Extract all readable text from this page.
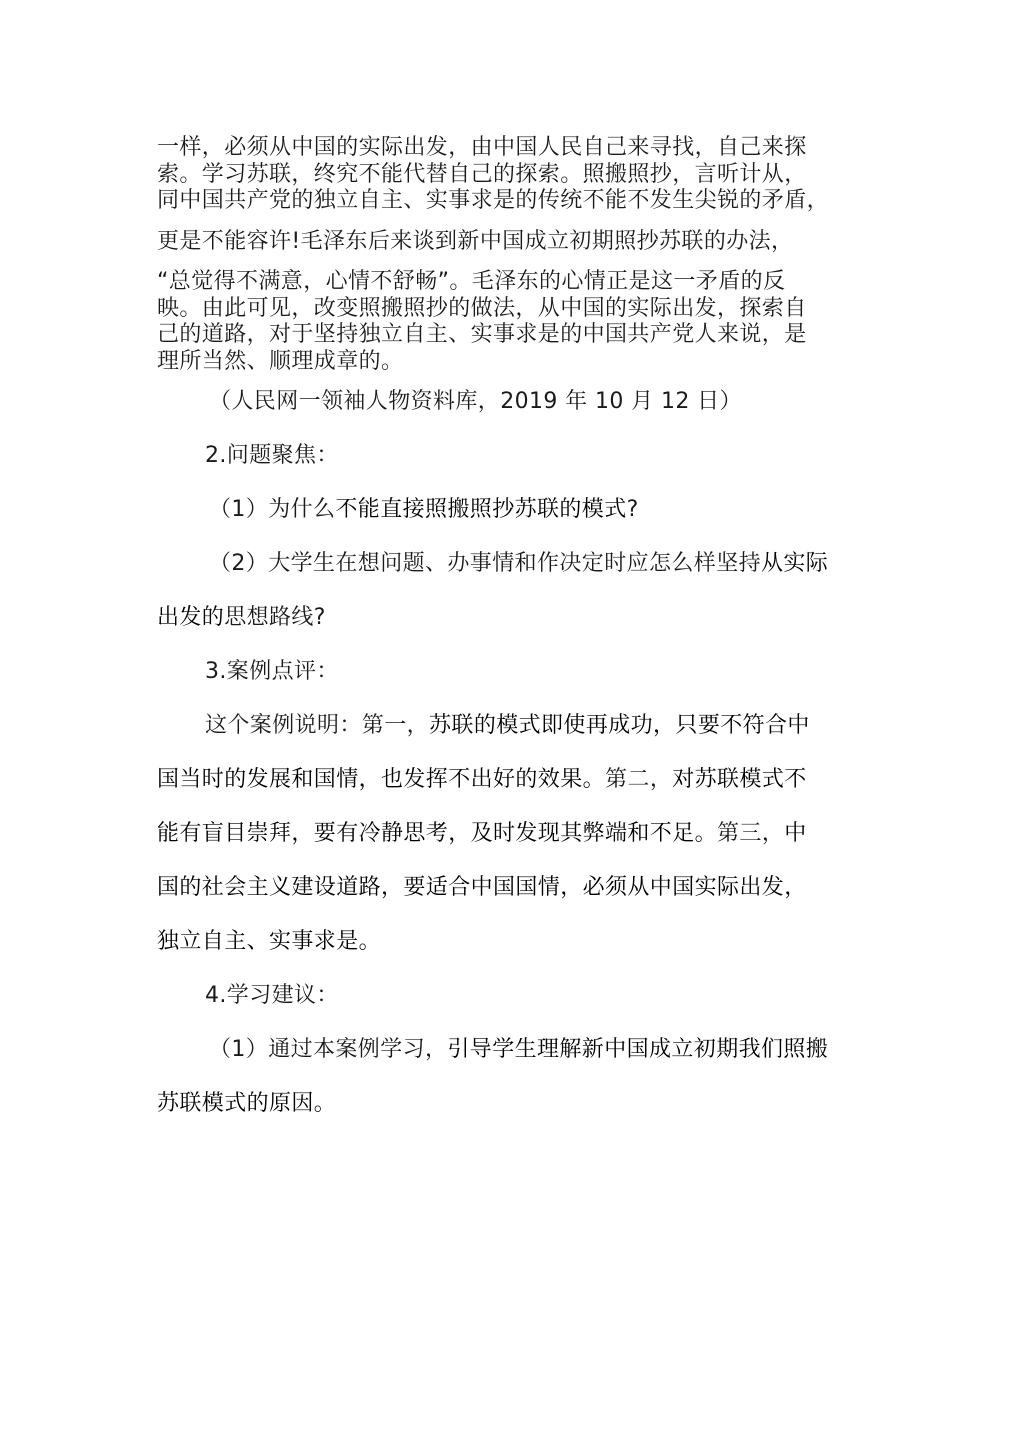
一样，必须从中国的实际出发，由中国人民自己来寻找，自己来探

索。学习苏联，终究不能代替自己的探索。照搬照抄，言听计从，

同中国共产党的独立自主、实事求是的传统不能不发生尖锐的矛盾，

更是不能容许!毛泽东后来谈到新中国成立初期照抄苏联的办法，

“总觉得不满意，心情不舒畅”。毛泽东的心情正是这一矛盾的反

映。由此可见，改变照搬照抄的做法，从中国的实际出发，探索自

己的道路，对于坚持独立自主、实事求是的中国共产党人来说，是

理所当然、顺理成章的。

（人民网一领袖人物资料库，2019 年 10 月 12 日）

2.问题聚焦：

（1）为什么不能直接照搬照抄苏联的模式?

（2）大学生在想问题、办事情和作决定时应怎么样坚持从实际

出发的思想路线?

3.案例点评：

这个案例说明：第一，苏联的模式即使再成功，只要不符合中

国当时的发展和国情，也发挥不出好的效果。第二，对苏联模式不

能有盲目崇拜，要有冷静思考，及时发现其弊端和不足。第三，中

国的社会主义建设道路，要适合中国国情，必须从中国实际出发，

独立自主、实事求是。

4.学习建议：

（1）通过本案例学习，引导学生理解新中国成立初期我们照搬

苏联模式的原因。
